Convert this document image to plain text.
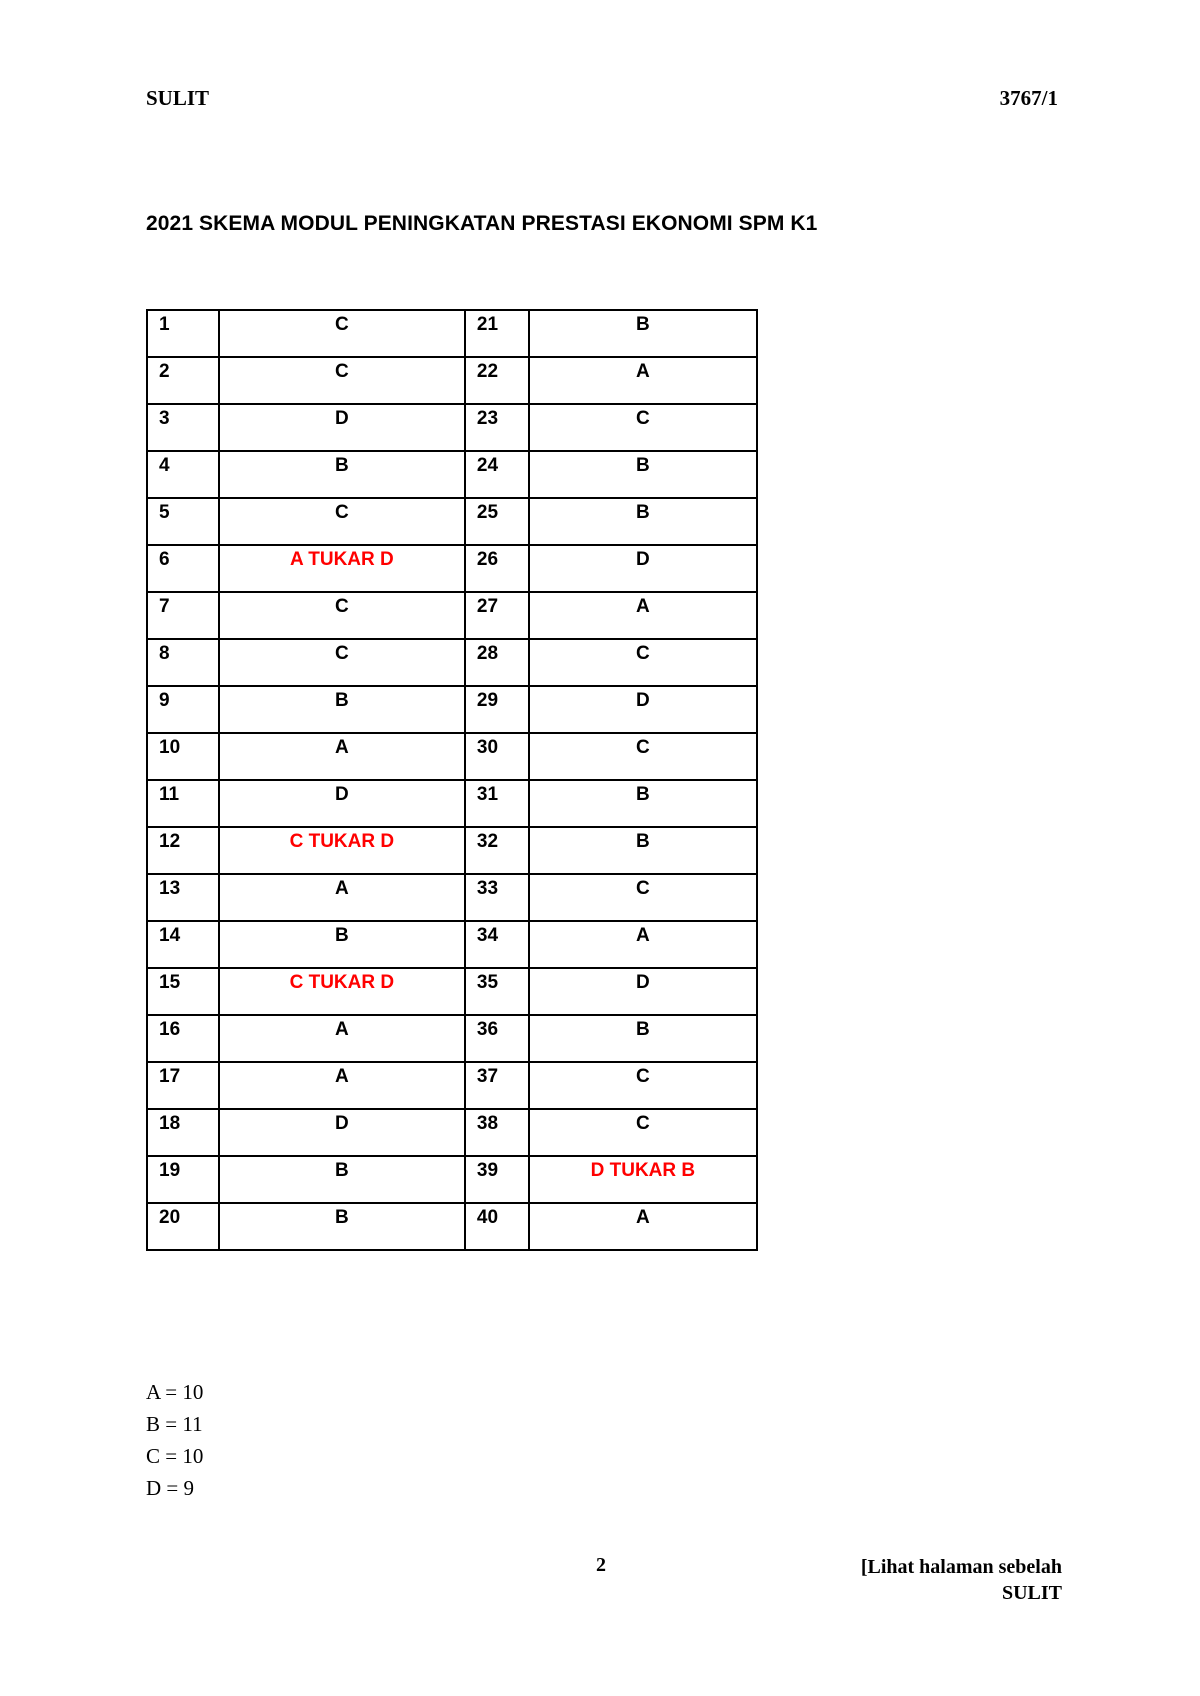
SULIT	3767/1
2021 SKEMA MODUL PENINGKATAN PRESTASI EKONOMI SPM K1
1	C	21	B
2	C	22	A
3	D	23	C
4	B	24	B
5	C	25	B
6	A TUKAR D	26	D
7	C	27	A
8	C	28	C
9	B	29	D
10	A	30	C
11	D	31	B
12	C TUKAR D	32	B
13	A	33	C
14	B	34	A
15	C TUKAR D	35	D
16	A	36	B
17	A	37	C
18	D	38	C
19	B	39	D TUKAR B
20	B	40	A
A = 10
B = 11
C = 10
D = 9
2	[Lihat halaman sebelah
SULIT
